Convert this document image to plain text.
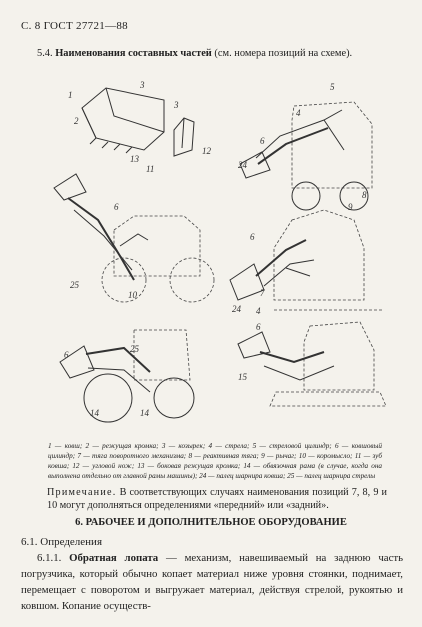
С. 8 ГОСТ 27721—88
5.4. Наименования составных частей (см. номера позиций на схеме).
1
2
3
3
13
12
11
5
4
6
24
8
9
6
25
10
6
24 4
7
6
25
14	14
6
15
1 — ковш; 2 — режущая кромка; 3 — козырек; 4 — стрела; 5 — стреловой цилиндр; 6 — ковшовый цилиндр; 7 — тяга поворотного механизма; 8 — реактивная тяга; 9 — рычаг; 10 — коромысло; 11 — зуб ковша; 12 — угловой нож; 13 — боковая режущая кромка; 14 — обвязочная рама (в случае, когда она выполнена отдельно от главной рамы машины); 24 — палец шарнира ковша; 25 — палец шарнира стрелы
Примечание. В соответствующих случаях наименования позиций 7, 8, 9 и 10 могут дополняться определениями «передний» или «задний».
6. РАБОЧЕЕ И ДОПОЛНИТЕЛЬНОЕ ОБОРУДОВАНИЕ
6.1. Определения
6.1.1. Обратная лопата — механизм, навешиваемый на заднюю часть погрузчика, который обычно копает материал ниже уровня стоянки, поднимает, перемещает с поворотом и выгружает материал, действуя стрелой, рукоятью и ковшом. Копание осуществ-
